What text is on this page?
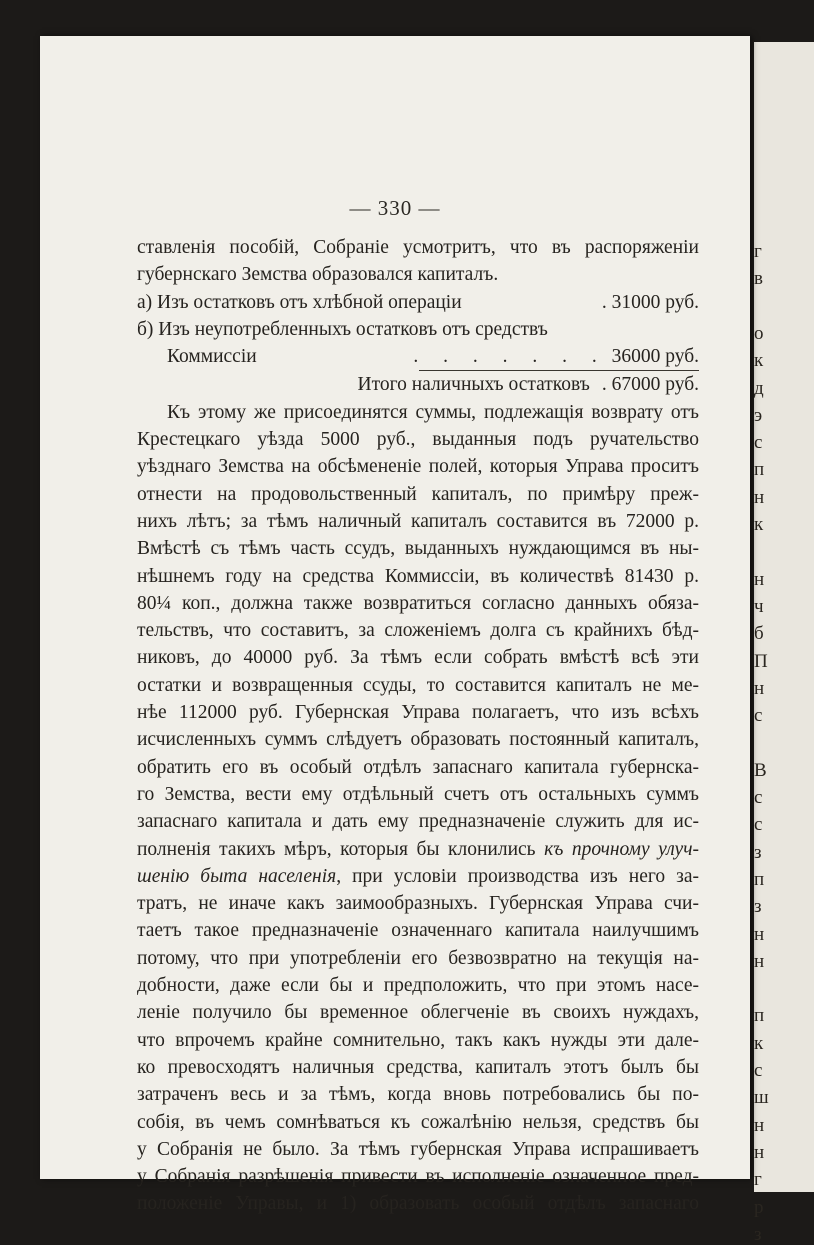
г
в
о
к
д
э
с
п
н
к
н
ч
б
П
н
с
В
с
с
з
п
з
н
н
п
к
с
ш
н
н
г
р
з
— 330 —

ставленія пособій, Собраніе усмотритъ, что въ распоряженіи

губернскаго Земства образовался капиталъ.

а) Изъ остатковъ отъ хлѣбной операціи	. 31000 руб.
б) Изъ неупотребленныхъ остатковъ отъ средствъ
Коммиссіи	. . . . . . . 36000 руб.
Итого наличныхъ остатковъ . 67000 руб.

Къ этому же присоединятся суммы, подлежащія возврату отъ

Крестецкаго уѣзда 5000 руб., выданныя подъ ручательство

уѣзднаго Земства на обсѣмененіе полей, которыя Управа проситъ

отнести на продовольственный капиталъ, по примѣру преж-

нихъ лѣтъ; за тѣмъ наличный капиталъ составится въ 72000 р.

Вмѣстѣ съ тѣмъ часть ссудъ, выданныхъ нуждающимся въ ны-

нѣшнемъ году на средства Коммиссіи, въ количествѣ 81430 р.

80¼ коп., должна также возвратиться согласно данныхъ обяза-

тельствъ, что составитъ, за сложеніемъ долга съ крайнихъ бѣд-

никовъ, до 40000 руб. За тѣмъ если собрать вмѣстѣ всѣ эти

остатки и возвращенныя ссуды, то составится капиталъ не ме-

нѣе 112000 руб. Губернская Управа полагаетъ, что изъ всѣхъ

исчисленныхъ суммъ слѣдуетъ образовать постоянный капиталъ,

обратить его въ особый отдѣлъ запаснаго капитала губернска-

го Земства, вести ему отдѣльный счетъ отъ остальныхъ суммъ

запаснаго капитала и дать ему предназначеніе служить для ис-

полненія такихъ мѣръ, которыя бы клонились къ прочному улуч-

шенію быта населенія, при условіи производства изъ него за-

тратъ, не иначе какъ заимообразныхъ. Губернская Управа счи-

таетъ такое предназначеніе означеннаго капитала наилучшимъ

потому, что при употребленіи его безвозвратно на текущія на-

добности, даже если бы и предположить, что при этомъ насе-

леніе получило бы временное облегченіе въ своихъ нуждахъ,

что впрочемъ крайне сомнительно, такъ какъ нужды эти дале-

ко превосходятъ наличныя средства, капиталъ этотъ былъ бы

затраченъ весь и за тѣмъ, когда вновь потребовались бы по-

собія, въ чемъ сомнѣваться къ сожалѣнію нельзя, средствъ бы

у Собранія не было. За тѣмъ губернская Управа испрашиваетъ

у Собранія разрѣшенія привести въ исполненіе означенное пред-

положеніе Управы, и 1) образовать особый отдѣлъ запаснаго
